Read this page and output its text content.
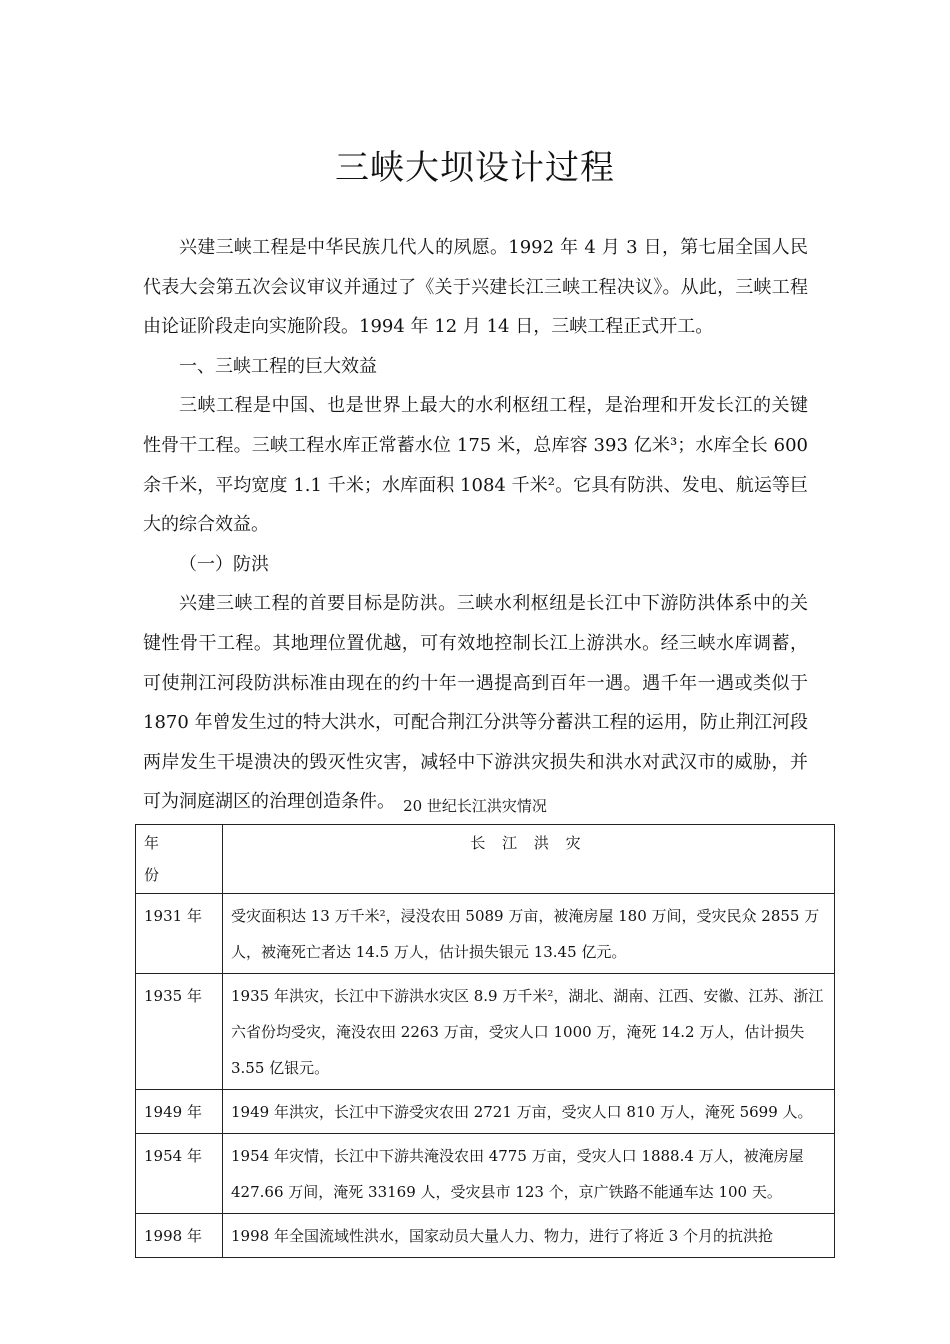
三峡大坝设计过程

兴建三峡工程是中华民族几代人的夙愿。1992 年 4 月 3 日，第七届全国人民代表大会第五次会议审议并通过了《关于兴建长江三峡工程决议》。从此，三峡工程由论证阶段走向实施阶段。1994 年 12 月 14 日，三峡工程正式开工。

一、三峡工程的巨大效益

三峡工程是中国、也是世界上最大的水利枢纽工程，是治理和开发长江的关键性骨干工程。三峡工程水库正常蓄水位 175 米，总库容 393 亿米³；水库全长 600 余千米，平均宽度 1.1 千米；水库面积 1084 千米²。它具有防洪、发电、航运等巨大的综合效益。

（一）防洪

兴建三峡工程的首要目标是防洪。三峡水利枢纽是长江中下游防洪体系中的关键性骨干工程。其地理位置优越，可有效地控制长江上游洪水。经三峡水库调蓄，可使荆江河段防洪标准由现在的约十年一遇提高到百年一遇。遇千年一遇或类似于 1870 年曾发生过的特大洪水，可配合荆江分洪等分蓄洪工程的运用，防止荆江河段两岸发生干堤溃决的毁灭性灾害，减轻中下游洪灾损失和洪水对武汉市的威胁，并可为洞庭湖区的治理创造条件。 20 世纪长江洪灾情况
年 份	长 江 洪 灾
1931 年	受灾面积达 13 万千米²，浸没农田 5089 万亩，被淹房屋 180 万间，受灾民众 2855 万人，被淹死亡者达 14.5 万人，估计损失银元 13.45 亿元。
1935 年	1935 年洪灾，长江中下游洪水灾区 8.9 万千米²，湖北、湖南、江西、安徽、江苏、浙江六省份均受灾，淹没农田 2263 万亩，受灾人口 1000 万，淹死 14.2 万人，估计损失 3.55 亿银元。
1949 年	1949 年洪灾，长江中下游受灾农田 2721 万亩，受灾人口 810 万人，淹死 5699 人。
1954 年	1954 年灾情，长江中下游共淹没农田 4775 万亩，受灾人口 1888.4 万人，被淹房屋 427.66 万间，淹死 33169 人，受灾县市 123 个，京广铁路不能通车达 100 天。
1998 年	1998 年全国流域性洪水，国家动员大量人力、物力，进行了将近 3 个月的抗洪抢
